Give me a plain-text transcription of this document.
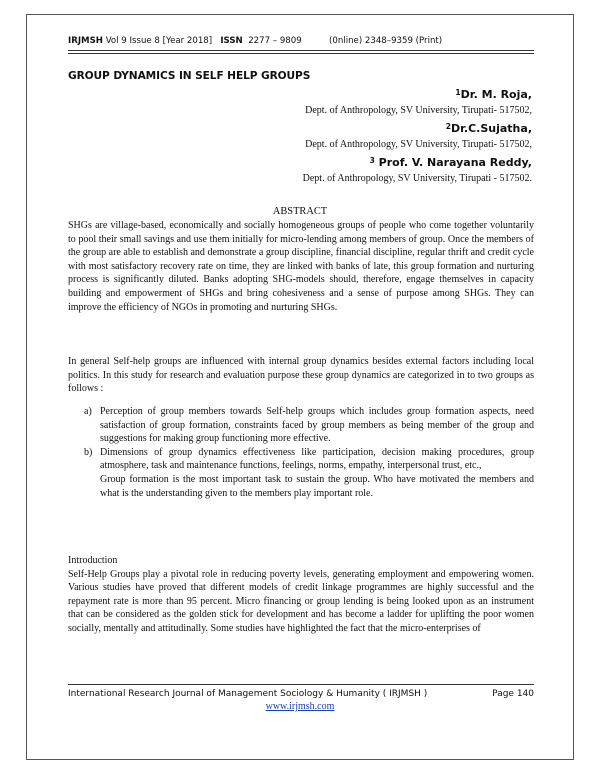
IRJMSH Vol 9 Issue 8 [Year 2018] ISSN 2277 – 9809	(0nline) 2348–9359 (Print)
GROUP DYNAMICS IN SELF HELP GROUPS
$^1$Dr. M. Roja,
Dept. of Anthropology, SV University, Tirupati- 517502,
$^2$Dr.C.Sujatha,
Dept. of Anthropology, SV University, Tirupati- 517502,
$^3$ Prof. V. Narayana Reddy,
Dept. of Anthropology, SV University, Tirupati - 517502.
ABSTRACT

SHGs are village-based, economically and socially homogeneous groups of people who come together voluntarily to pool their small savings and use them initially for micro-lending among members of group. Once the members of the group are able to establish and demonstrate a group discipline, financial discipline, regular thrift and credit cycle with most satisfactory recovery rate on time, they are linked with banks of late, this group formation and nurturing process is significantly diluted. Banks adopting SHG-models should, therefore, engage themselves in capacity building and empowerment of SHGs and bring cohesiveness and a sense of purpose among SHGs. They can improve the efficiency of NGOs in promoting and nurturing SHGs.

In general Self-help groups are influenced with internal group dynamics besides external factors including local politics. In this study for research and evaluation purpose these group dynamics are categorized in to two groups as follows :

a) Perception of group members towards Self-help groups which includes group formation aspects, need satisfaction of group formation, constraints faced by group members as being member of the group and suggestions for making group functioning more effective.
b) Dimensions of group dynamics effectiveness like participation, decision making procedures, group atmosphere, task and maintenance functions, feelings, norms, empathy, interpersonal trust, etc.,
Group formation is the most important task to sustain the group. Who have motivated the members and what is the understanding given to the members play important role.

Introduction

Self-Help Groups play a pivotal role in reducing poverty levels, generating employment and empowering women. Various studies have proved that different models of credit linkage programmes are highly successful and the repayment rate is more than 95 percent. Micro financing or group lending is being looked upon as an instrument that can be considered as the golden stick for development and has become a ladder for uplifting the poor women socially, mentally and attitudinally. Some studies have highlighted the fact that the micro-enterprises of

International Research Journal of Management Sociology & Humanity ( IRJMSH )	Page 140
www.irjmsh.com
